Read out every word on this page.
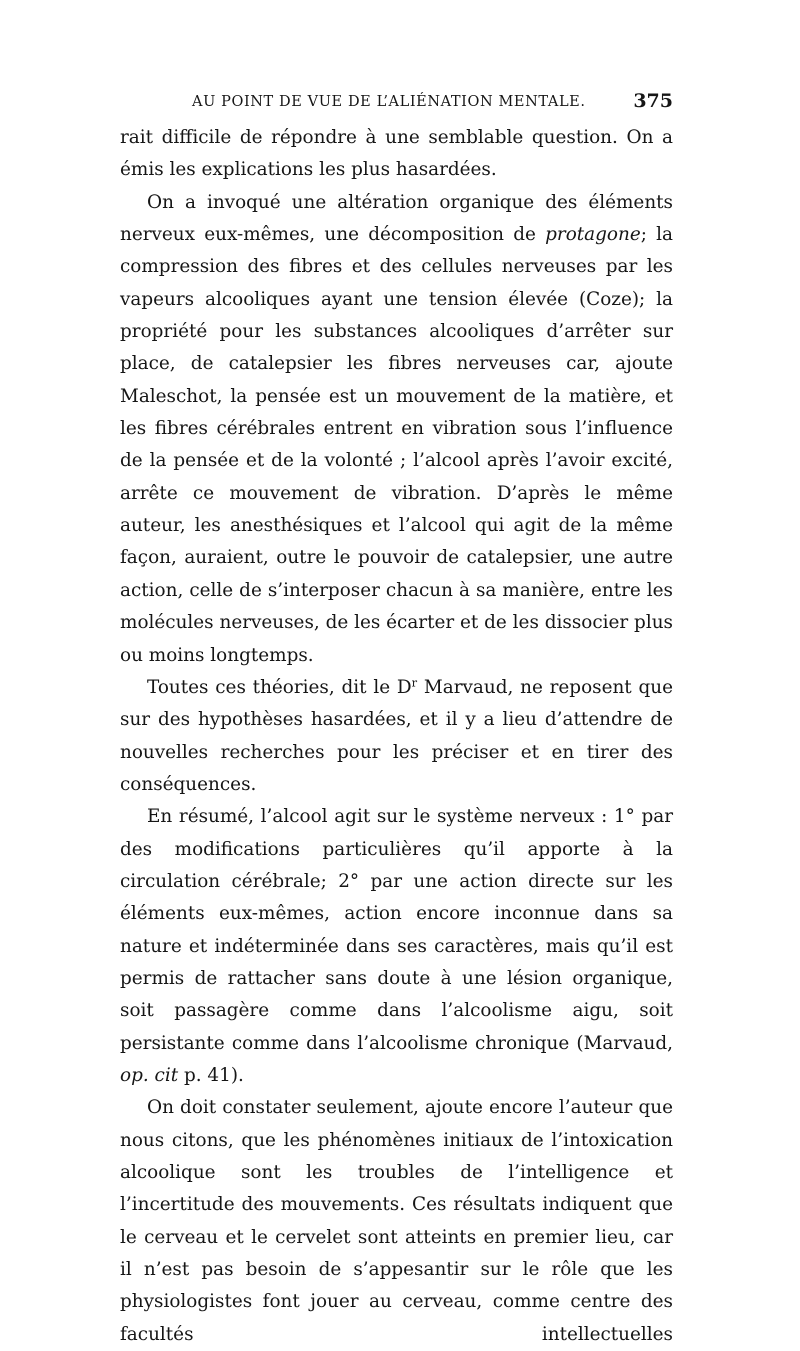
AU POINT DE VUE DE L’ALIÉNATION MENTALE.	375

rait difficile de répondre à une semblable question. On a émis les explications les plus hasardées.

On a invoqué une altération organique des éléments nerveux eux-mêmes, une décomposition de protagone; la compression des fibres et des cellules nerveuses par les vapeurs alcooliques ayant une tension élevée (Coze); la propriété pour les substances alcooliques d’arrêter sur place, de catalepsier les fibres nerveuses car, ajoute Maleschot, la pensée est un mouvement de la matière, et les fibres cérébrales entrent en vibration sous l’influence de la pensée et de la volonté ; l’alcool après l’avoir excité, arrête ce mouvement de vibration. D’après le même auteur, les anesthésiques et l’alcool qui agit de la même façon, auraient, outre le pouvoir de catalepsier, une autre action, celle de s’interposer chacun à sa manière, entre les molécules nerveuses, de les écarter et de les dissocier plus ou moins longtemps.

Toutes ces théories, dit le $D^r$ Marvaud, ne reposent que sur des hypothèses hasardées, et il y a lieu d’attendre de nouvelles recherches pour les préciser et en tirer des conséquences.

En résumé, l’alcool agit sur le système nerveux : 1° par des modifications particulières qu’il apporte à la circulation cérébrale; 2° par une action directe sur les éléments eux-mêmes, action encore inconnue dans sa nature et indéterminée dans ses caractères, mais qu’il est permis de rattacher sans doute à une lésion organique, soit passagère comme dans l’alcoolisme aigu, soit persistante comme dans l’alcoolisme chronique (Marvaud, op. cit p. 41).

On doit constater seulement, ajoute encore l’auteur que nous citons, que les phénomènes initiaux de l’intoxication alcoolique sont les troubles de l’intelligence et l’incertitude des mouvements. Ces résultats indiquent que le cerveau et le cervelet sont atteints en premier lieu, car il n’est pas besoin de s’appesantir sur le rôle que les physiologistes font jouer au cerveau, comme centre des facultés intellectuelles
